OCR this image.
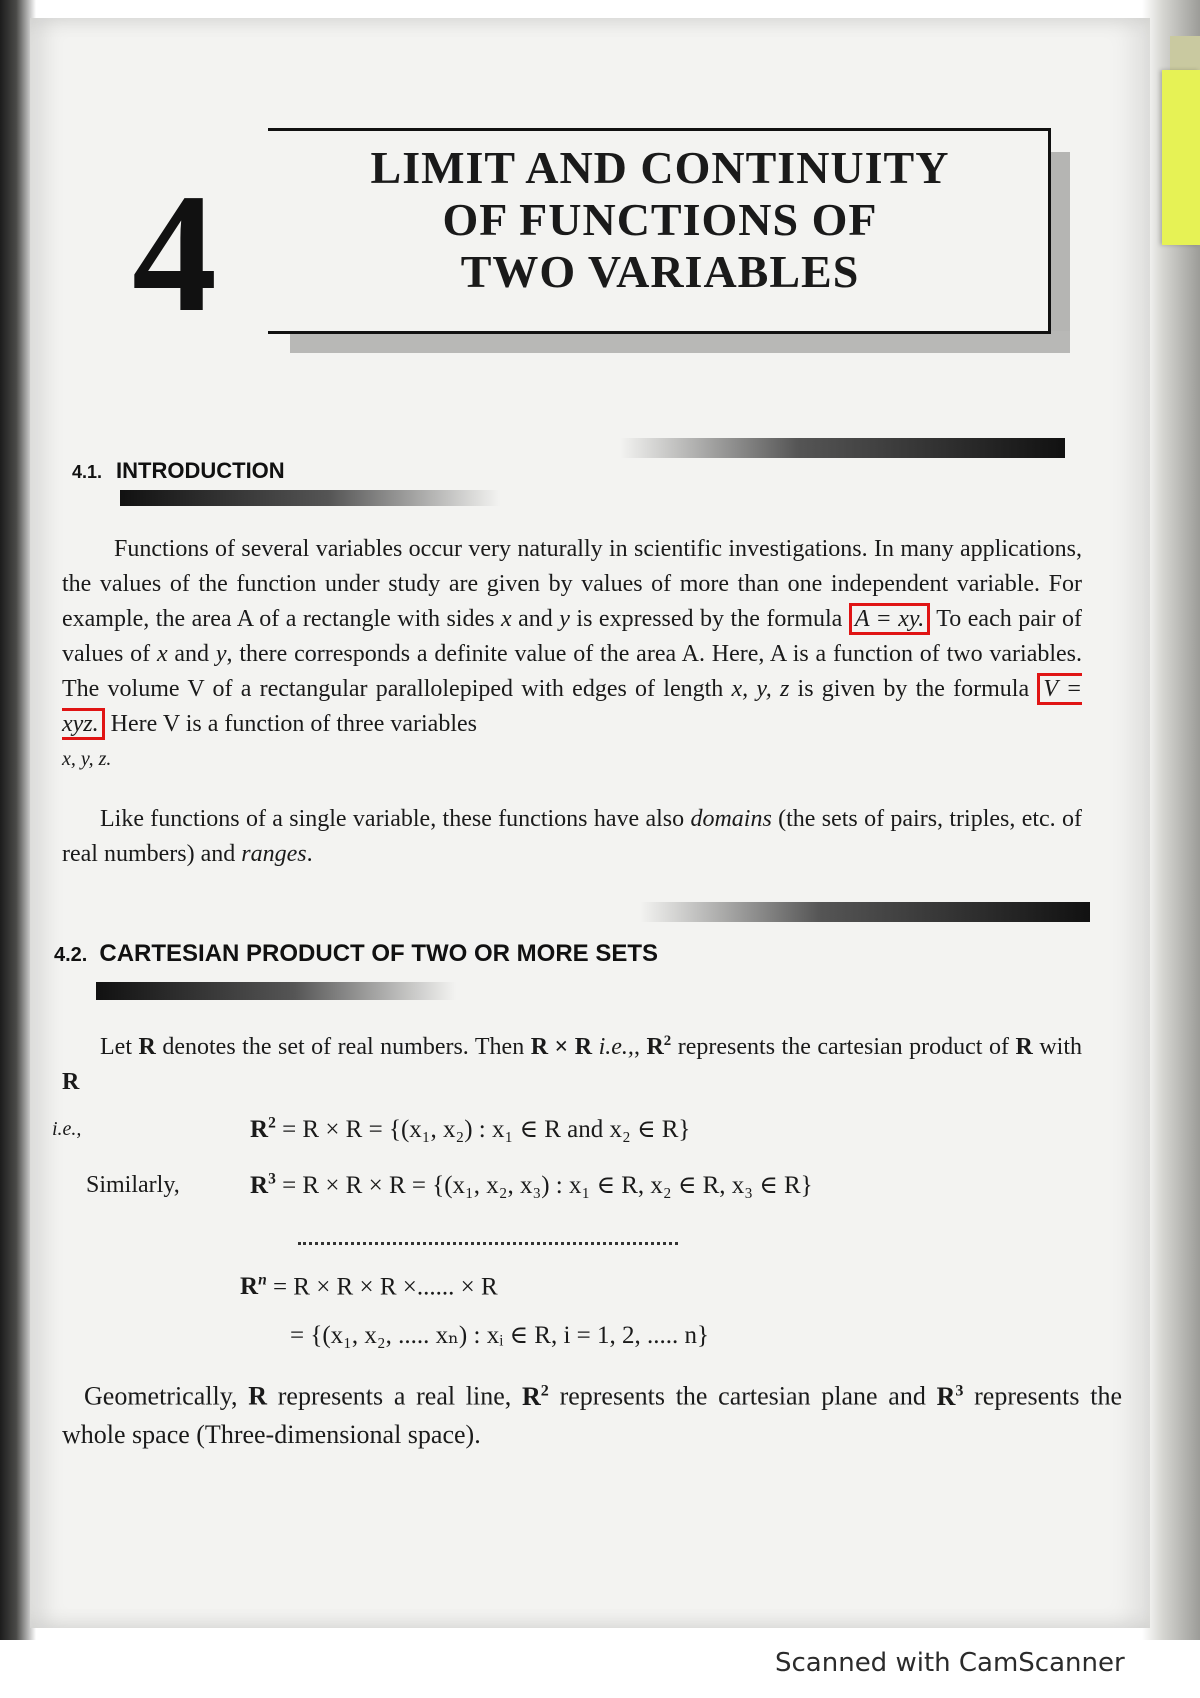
4	LIMIT AND CONTINUITY
OF FUNCTIONS OF
TWO VARIABLES
4.1. INTRODUCTION
Functions of several variables occur very naturally in scientific investigations. In many applications, the values of the function under study are given by values of more than one independent variable. For example, the area A of a rectangle with sides x and y is expressed by the formula A = xy. To each pair of values of x and y, there corresponds a definite value of the area A. Here, A is a function of two variables. The volume V of a rectangular parallolepiped with edges of length x, y, z is given by the formula V = xyz. Here V is a function of three variables
x, y, z.
Like functions of a single variable, these functions have also domains (the sets of pairs, triples, etc. of real numbers) and ranges.
4.2. CARTESIAN PRODUCT OF TWO OR MORE SETS
Let R denotes the set of real numbers. Then R × R i.e.,, $R^2$ represents the cartesian product of R with R
i.e.,	$R^2 = R \times R = \{(x_1$, x₂) : x₁ ∈ R and x₂ ∈ R}
Similarly,	$R^3 = R \times R \times R = \{(x_1$, x₂, x₃) : x₁ ∈ R, x₂ ∈ R, x₃ ∈ R}
$R^n = R \times R \times R$ ×...... × R
= {(x₁, x₂, ..... xₙ) : xᵢ ∈ R, i = 1, 2, ..... n}
Geometrically, R represents a real line, $R^2$ represents the cartesian plane and $R^3$ represents the whole space (Three-dimensional space).
Scanned with CamScanner
